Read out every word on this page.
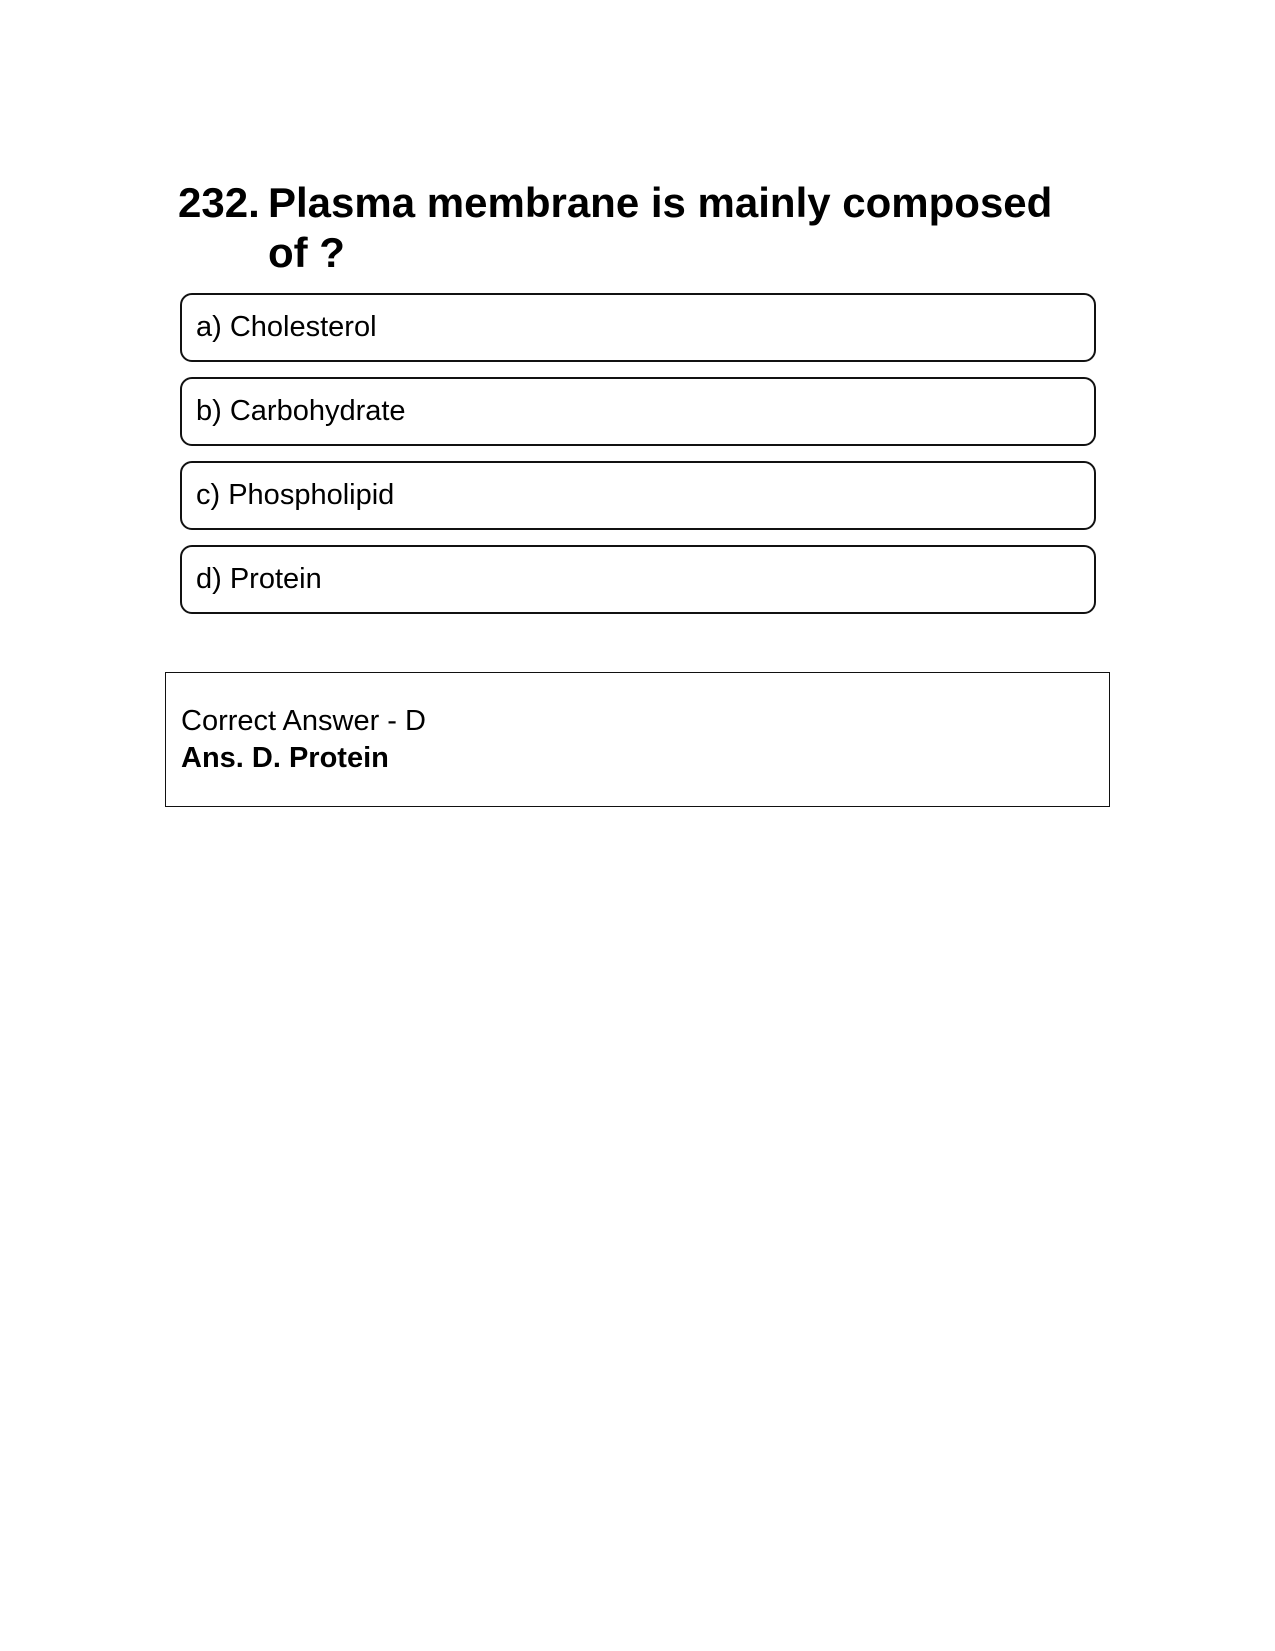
232. Plasma membrane is mainly composed of ?
a) Cholesterol
b) Carbohydrate
c) Phospholipid
d) Protein
Correct Answer - D
Ans. D. Protein
